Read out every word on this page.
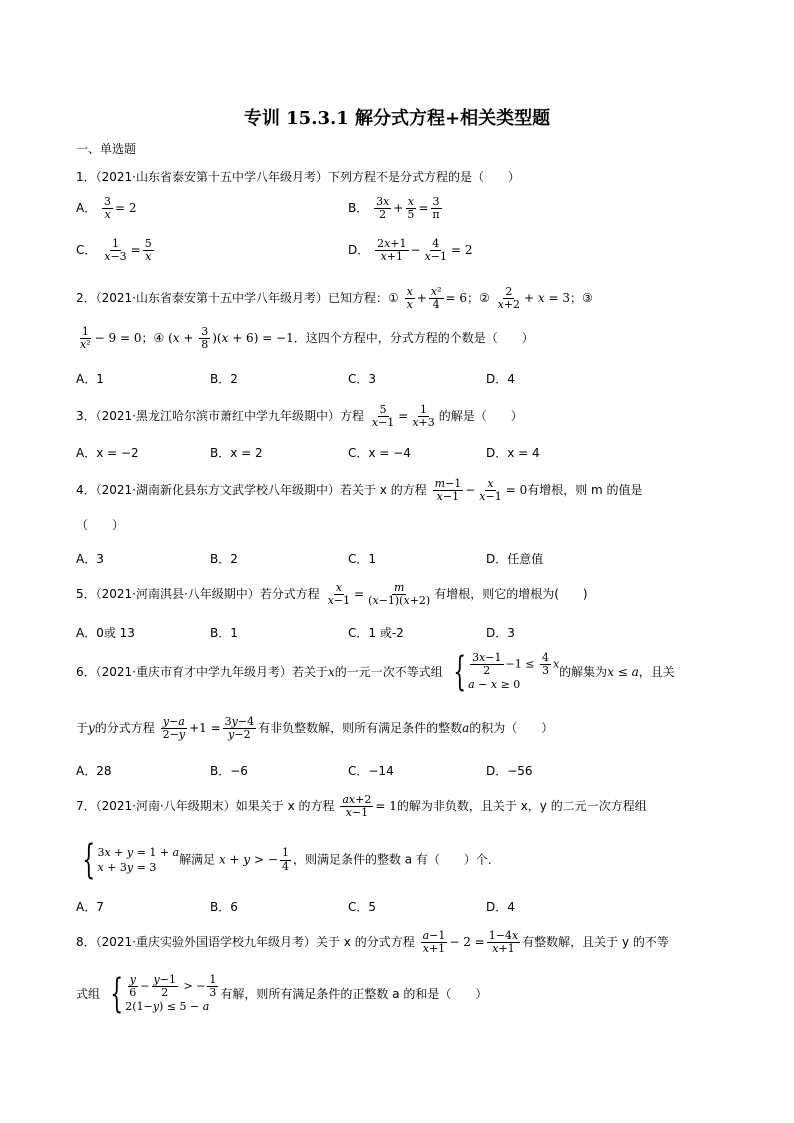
专训 15.3.1 解分式方程+相关类型题
一、单选题
1．（2021·山东省泰安第十五中学八年级月考）下列方程不是分式方程的是（　　）
A． $\frac{3}{x} = 2$	B． $\frac{3x}{2} + \frac{x}{5} = \frac{3}{\pi}$
C． $\frac{1}{x-3} = \frac{5}{x}$	D． $\frac{2x+1}{x+1} - \frac{4}{x-1} = 2$
2．（2021·山东省泰安第十五中学八年级月考）已知方程：① $\frac{x}{x} + \frac{\text{x²}}{4} = 6$；② $\frac{2}{x+2} + x = 3$；③
$\frac{1}{\text{x²}} - 9 = 0$；④ $(x + \frac{3}{8} )(x + 6) = -1$．这四个方程中，分式方程的个数是（　　）
A．1	B．2	C．3	D．4
3．（2021·黑龙江哈尔滨市萧红中学九年级期中）方程 $\frac{5}{x-1} = \frac{1}{x+3}$ 的解是（　　）
A．x = −2	B．x = 2	C．x = −4	D．x = 4
4．（2021·湖南新化县东方文武学校八年级期中）若关于 x 的方程 $\frac{m-1}{x-1} - \frac{x}{x-1} = 0$有增根，则 m 的值是
（　　）
A．3	B．2	C．1	D．任意值
5．（2021·河南淇县·八年级期中）若分式方程 $\frac{x}{x-1} = \frac{m}{(x-1)(x+2)}$ 有增根，则它的增根为(　　)
A．0或 13	B．1	C．1 或-2	D．3
6．（2021·重庆市育才中学九年级月考）若关于x的一元一次不等式组 { $\frac{3x-1}{2} -1 \le \frac{4}{3}$ x
a − x ≥ 0
的解集为x ≤ a，且关
于y的分式方程 $\frac{y-a}{2-y} +1 = \frac{3y-4}{y-2}$ 有非负整数解，则所有满足条件的整数a的积为（　　）
A．28	B．−6	C．−14	D．−56
7．（2021·河南·八年级期末）如果关于 x 的方程 $\frac{ax+2}{x-1} = 1$的解为非负数，且关于 x，y 的二元一次方程组
{ 3x + y = 1 + a
x + 3y = 3
解满足 x + y > − $\frac{1}{4}$ ，则满足条件的整数 a 有（　　）个．
A．7	B．6	C．5	D．4
8．（2021·重庆实验外国语学校九年级月考）关于 x 的分式方程 $\frac{a-1}{x+1} - 2 = \frac{1-4x}{x+1}$ 有整数解，且关于 y 的不等
式组 { $\frac{y}{6} - \frac{y-1}{2}$ > − $\frac{1}{3}$
2(1−y) ≤ 5 − a
有解，则所有满足条件的正整数 a 的和是（　　）
